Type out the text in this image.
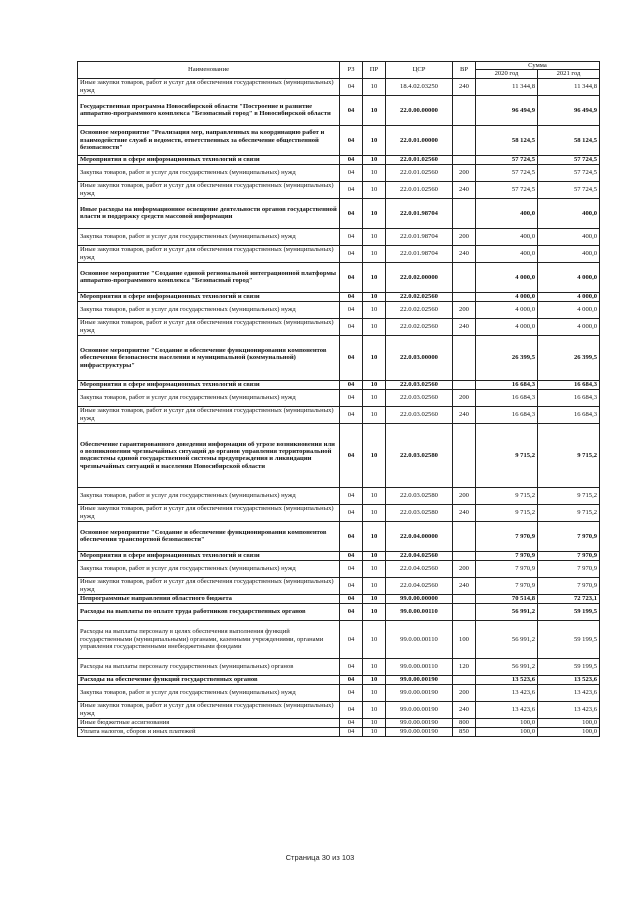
Наименование	РЗ	ПР	ЦСР	ВР	Сумма	
					2020 год	2021 год
Иные закупки товаров, работ и услуг для обеспечения государственных (муниципальных) нужд	04	10	18.4.02.03250	240	11 344,8	11 344,8
Государственная программа Новосибирской области "Построение и развитие аппаратно-программного комплекса "Безопасный город" в Новосибирской области	04	10	22.0.00.00000		96 494,9	96 494,9
Основное мероприятие "Реализация мер, направленных на координацию работ и взаимодействие служб и ведомств, ответственных за обеспечение общественной безопасности"	04	10	22.0.01.00000		58 124,5	58 124,5
Мероприятия в сфере информационных технологий и связи	04	10	22.0.01.02560		57 724,5	57 724,5
Закупка товаров, работ и услуг для государственных (муниципальных) нужд	04	10	22.0.01.02560	200	57 724,5	57 724,5
Иные закупки товаров, работ и услуг для обеспечения государственных (муниципальных) нужд	04	10	22.0.01.02560	240	57 724,5	57 724,5
Иные расходы на информационное освещение деятельности органов государственной власти и поддержку средств массовой информации	04	10	22.0.01.98704		400,0	400,0
Закупка товаров, работ и услуг для государственных (муниципальных) нужд	04	10	22.0.01.98704	200	400,0	400,0
Иные закупки товаров, работ и услуг для обеспечения государственных (муниципальных) нужд	04	10	22.0.01.98704	240	400,0	400,0
Основное мероприятие "Создание единой региональной интеграционной платформы аппаратно-программного комплекса "Безопасный город"	04	10	22.0.02.00000		4 000,0	4 000,0
Мероприятия в сфере информационных технологий и связи	04	10	22.0.02.02560		4 000,0	4 000,0
Закупка товаров, работ и услуг для государственных (муниципальных) нужд	04	10	22.0.02.02560	200	4 000,0	4 000,0
Иные закупки товаров, работ и услуг для обеспечения государственных (муниципальных) нужд	04	10	22.0.02.02560	240	4 000,0	4 000,0
Основное мероприятие "Создание и обеспечение функционирования компонентов обеспечения безопасности населения и муниципальной (коммунальной) инфраструктуры"	04	10	22.0.03.00000		26 399,5	26 399,5
Мероприятия в сфере информационных технологий и связи	04	10	22.0.03.02560		16 684,3	16 684,3
Закупка товаров, работ и услуг для государственных (муниципальных) нужд	04	10	22.0.03.02560	200	16 684,3	16 684,3
Иные закупки товаров, работ и услуг для обеспечения государственных (муниципальных) нужд	04	10	22.0.03.02560	240	16 684,3	16 684,3
Обеспечение гарантированного доведения информации об угрозе возникновения или о возникновении чрезвычайных ситуаций до органов управления территориальной подсистемы единой государственной системы предупреждения и ликвидации чрезвычайных ситуаций и населения Новосибирской области	04	10	22.0.03.02580		9 715,2	9 715,2
Закупка товаров, работ и услуг для государственных (муниципальных) нужд	04	10	22.0.03.02580	200	9 715,2	9 715,2
Иные закупки товаров, работ и услуг для обеспечения государственных (муниципальных) нужд	04	10	22.0.03.02580	240	9 715,2	9 715,2
Основное мероприятие "Создание и обеспечение функционирования компонентов обеспечения транспортной безопасности"	04	10	22.0.04.00000		7 970,9	7 970,9
Мероприятия в сфере информационных технологий и связи	04	10	22.0.04.02560		7 970,9	7 970,9
Закупка товаров, работ и услуг для государственных (муниципальных) нужд	04	10	22.0.04.02560	200	7 970,9	7 970,9
Иные закупки товаров, работ и услуг для обеспечения государственных (муниципальных) нужд	04	10	22.0.04.02560	240	7 970,9	7 970,9
Непрограммные направления областного бюджета	04	10	99.0.00.00000		70 514,8	72 723,1
Расходы на выплаты по оплате труда работников государственных органов	04	10	99.0.00.00110		56 991,2	59 199,5
Расходы на выплаты персоналу в целях обеспечения выполнения функций государственными (муниципальными) органами, казенными учреждениями, органами управления государственными внебюджетными фондами	04	10	99.0.00.00110	100	56 991,2	59 199,5
Расходы на выплаты персоналу государственных (муниципальных) органов	04	10	99.0.00.00110	120	56 991,2	59 199,5
Расходы на обеспечение функций государственных органов	04	10	99.0.00.00190		13 523,6	13 523,6
Закупка товаров, работ и услуг для государственных (муниципальных) нужд	04	10	99.0.00.00190	200	13 423,6	13 423,6
Иные закупки товаров, работ и услуг для обеспечения государственных (муниципальных) нужд	04	10	99.0.00.00190	240	13 423,6	13 423,6
Иные бюджетные ассигнования	04	10	99.0.00.00190	800	100,0	100,0
Уплата налогов, сборов и иных платежей	04	10	99.0.00.00190	850	100,0	100,0
Страница 30 из 103
